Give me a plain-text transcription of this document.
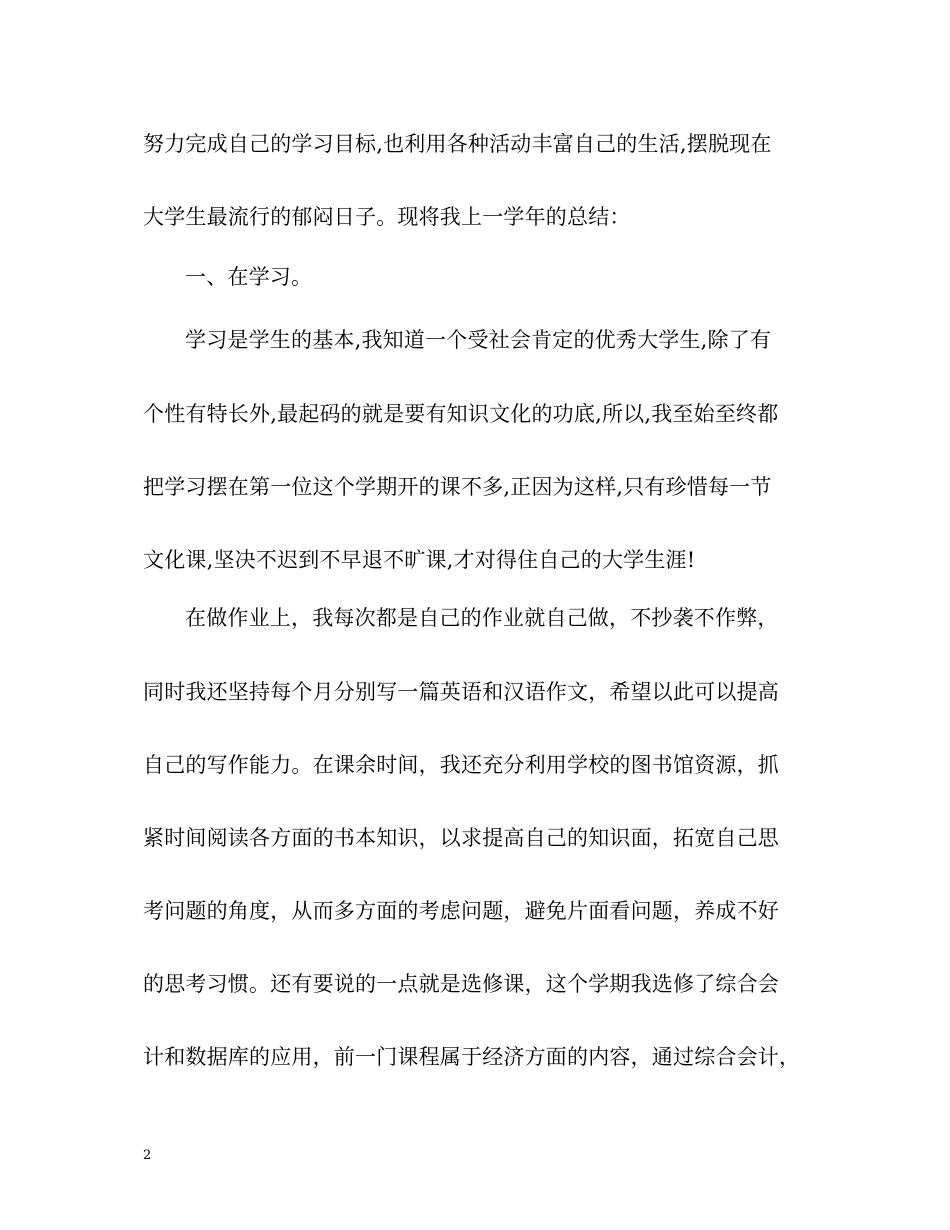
努力完成自己的学习目标,也利用各种活动丰富自己的生活,摆脱现在
大学生最流行的郁闷日子。现将我上一学年的总结：
一、在学习。
学习是学生的基本,我知道一个受社会肯定的优秀大学生,除了有
个性有特长外,最起码的就是要有知识文化的功底,所以,我至始至终都
把学习摆在第一位这个学期开的课不多,正因为这样,只有珍惜每一节
文化课,坚决不迟到不早退不旷课,才对得住自己的大学生涯!
在做作业上，我每次都是自己的作业就自己做，不抄袭不作弊，
同时我还坚持每个月分别写一篇英语和汉语作文，希望以此可以提高
自己的写作能力。在课余时间，我还充分利用学校的图书馆资源，抓
紧时间阅读各方面的书本知识，以求提高自己的知识面，拓宽自己思
考问题的角度，从而多方面的考虑问题，避免片面看问题，养成不好
的思考习惯。还有要说的一点就是选修课，这个学期我选修了综合会
计和数据库的应用，前一门课程属于经济方面的内容，通过综合会计，
2
